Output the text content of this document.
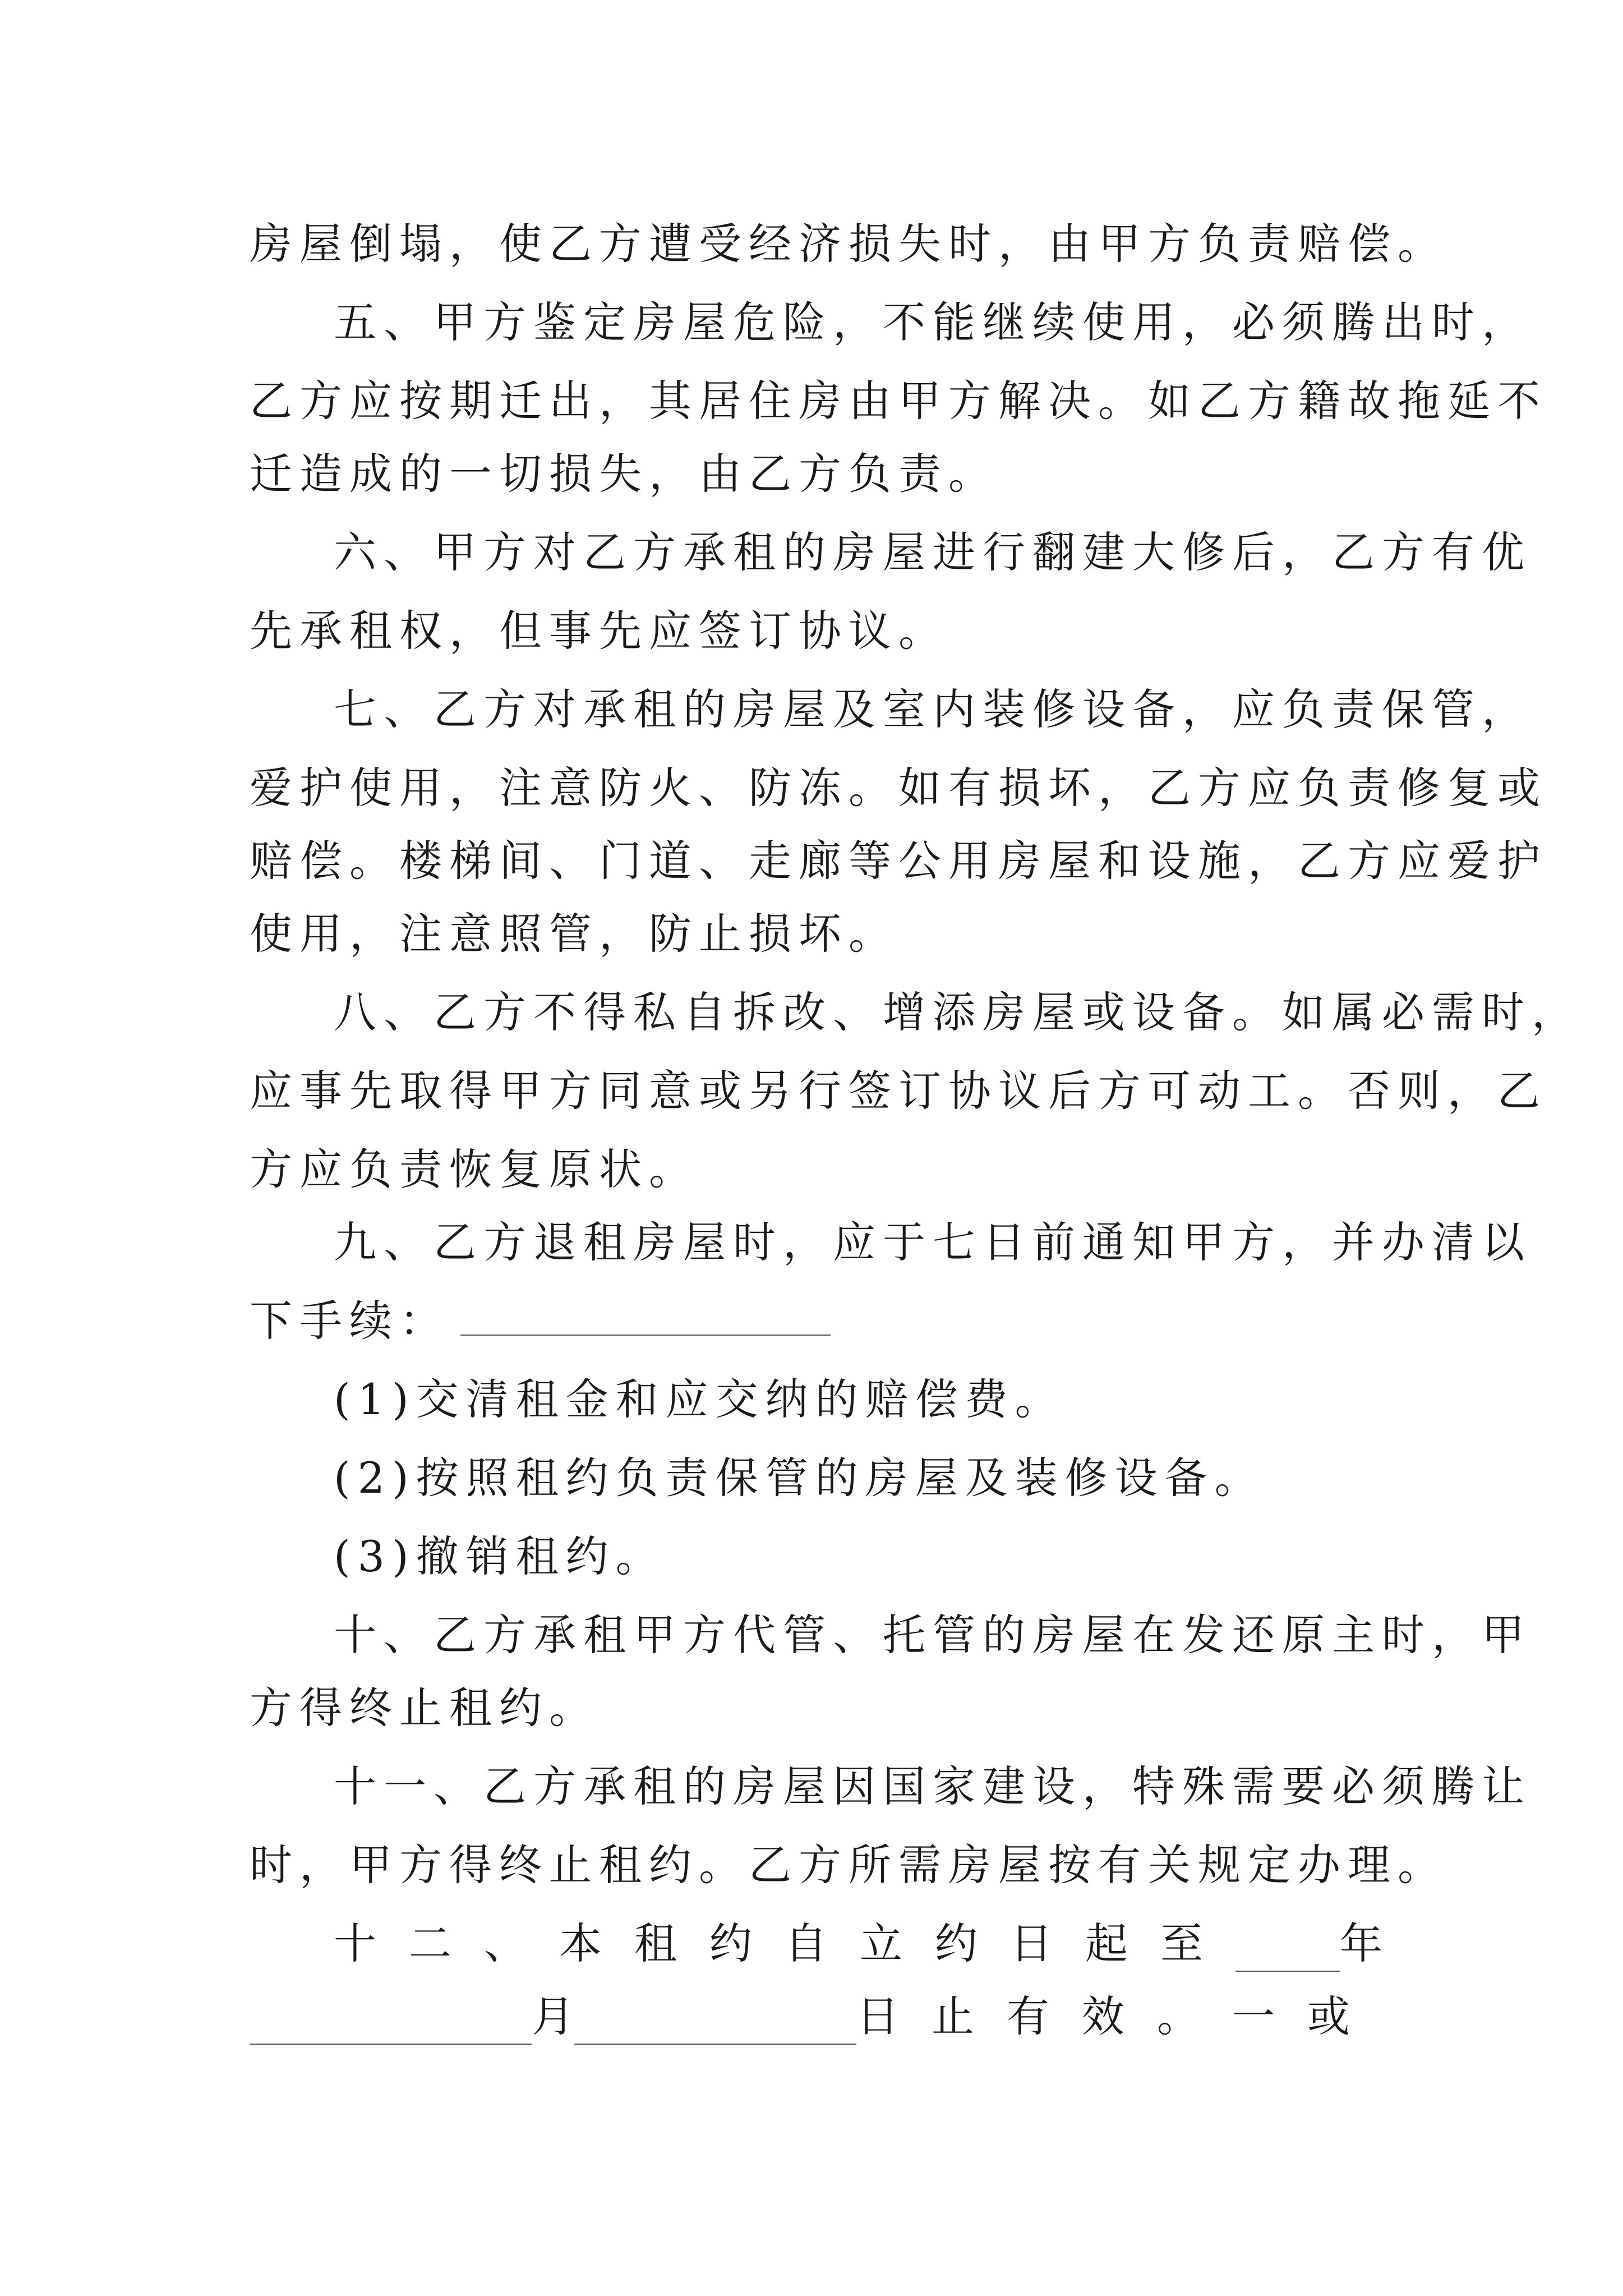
房屋倒塌，使乙方遭受经济损失时，由甲方负责赔偿。
五、甲方鉴定房屋危险，不能继续使用，必须腾出时，
乙方应按期迁出，其居住房由甲方解决。如乙方籍故拖延不
迁造成的一切损失，由乙方负责。
六、甲方对乙方承租的房屋进行翻建大修后，乙方有优
先承租权，但事先应签订协议。
七、乙方对承租的房屋及室内装修设备，应负责保管，
爱护使用，注意防火、防冻。如有损坏，乙方应负责修复或
赔偿。楼梯间、门道、走廊等公用房屋和设施，乙方应爱护
使用，注意照管，防止损坏。
八、乙方不得私自拆改、增添房屋或设备。如属必需时，
应事先取得甲方同意或另行签订协议后方可动工。否则，乙
方应负责恢复原状。
九、乙方退租房屋时，应于七日前通知甲方，并办清以
下手续：
(1)交清租金和应交纳的赔偿费。
(2)按照租约负责保管的房屋及装修设备。
(3)撤销租约。
十、乙方承租甲方代管、托管的房屋在发还原主时，甲
方得终止租约。
十一、乙方承租的房屋因国家建设，特殊需要必须腾让
时，甲方得终止租约。乙方所需房屋按有关规定办理。
十二、本租约自立约日起至 年
月	日止有效。一或
